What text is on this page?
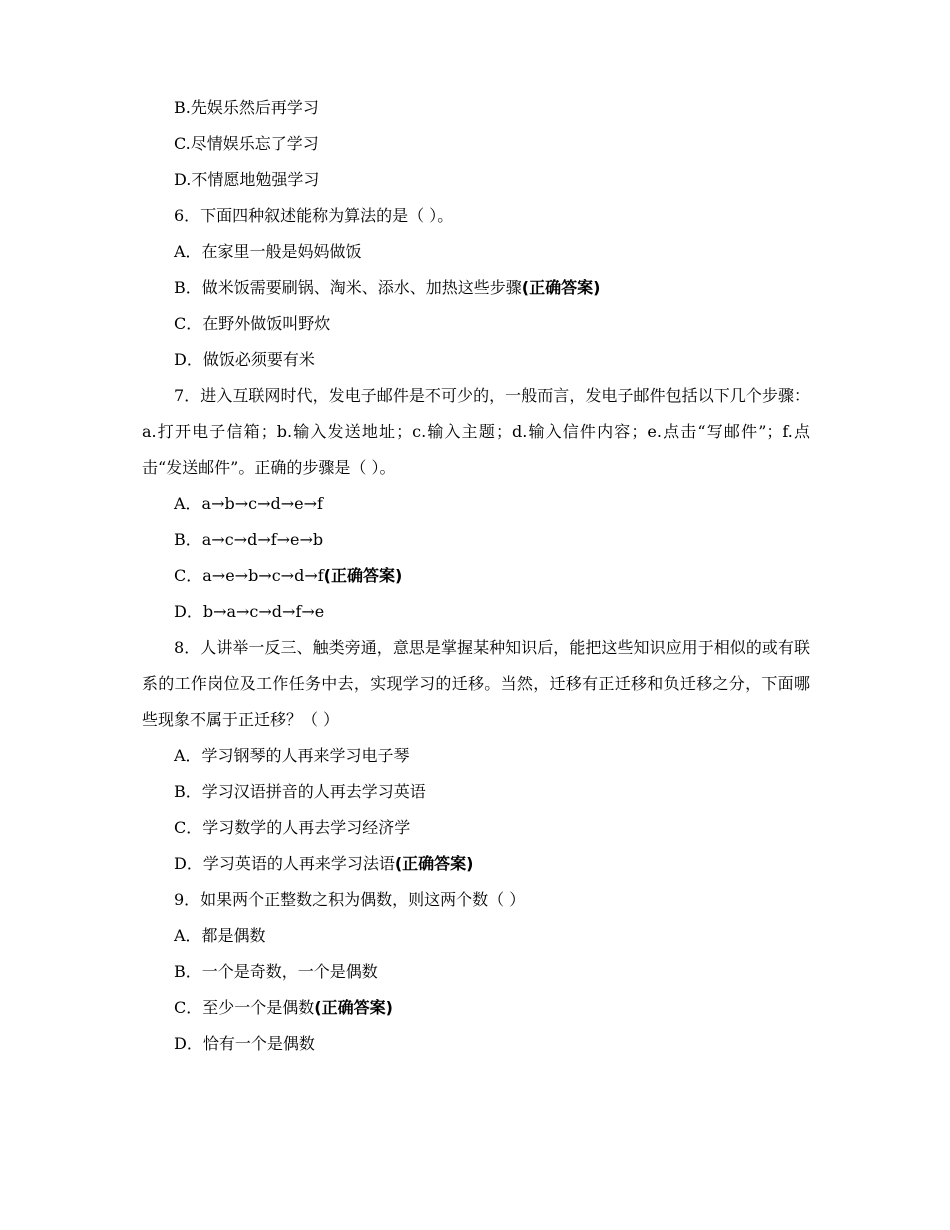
B.先娱乐然后再学习

C.尽情娱乐忘了学习

D.不情愿地勉强学习

6．下面四种叙述能称为算法的是（ ）。

A．在家里一般是妈妈做饭

B．做米饭需要刷锅、淘米、添水、加热这些步骤(正确答案)

C．在野外做饭叫野炊

D．做饭必须要有米

7．进入互联网时代，发电子邮件是不可少的，一般而言，发电子邮件包括以下几个步骤：a.打开电子信箱；b.输入发送地址；c.输入主题；d.输入信件内容；e.点击“写邮件”；f.点击“发送邮件”。正确的步骤是（ ）。

A．a→b→c→d→e→f

B．a→c→d→f→e→b

C．a→e→b→c→d→f(正确答案)

D．b→a→c→d→f→e

8．人讲举一反三、触类旁通，意思是掌握某种知识后，能把这些知识应用于相似的或有联系的工作岗位及工作任务中去，实现学习的迁移。当然，迁移有正迁移和负迁移之分，下面哪些现象不属于正迁移？（ ）

A．学习钢琴的人再来学习电子琴

B．学习汉语拼音的人再去学习英语

C．学习数学的人再去学习经济学

D．学习英语的人再来学习法语(正确答案)

9．如果两个正整数之积为偶数，则这两个数（ ）

A．都是偶数

B．一个是奇数，一个是偶数

C．至少一个是偶数(正确答案)

D．恰有一个是偶数
